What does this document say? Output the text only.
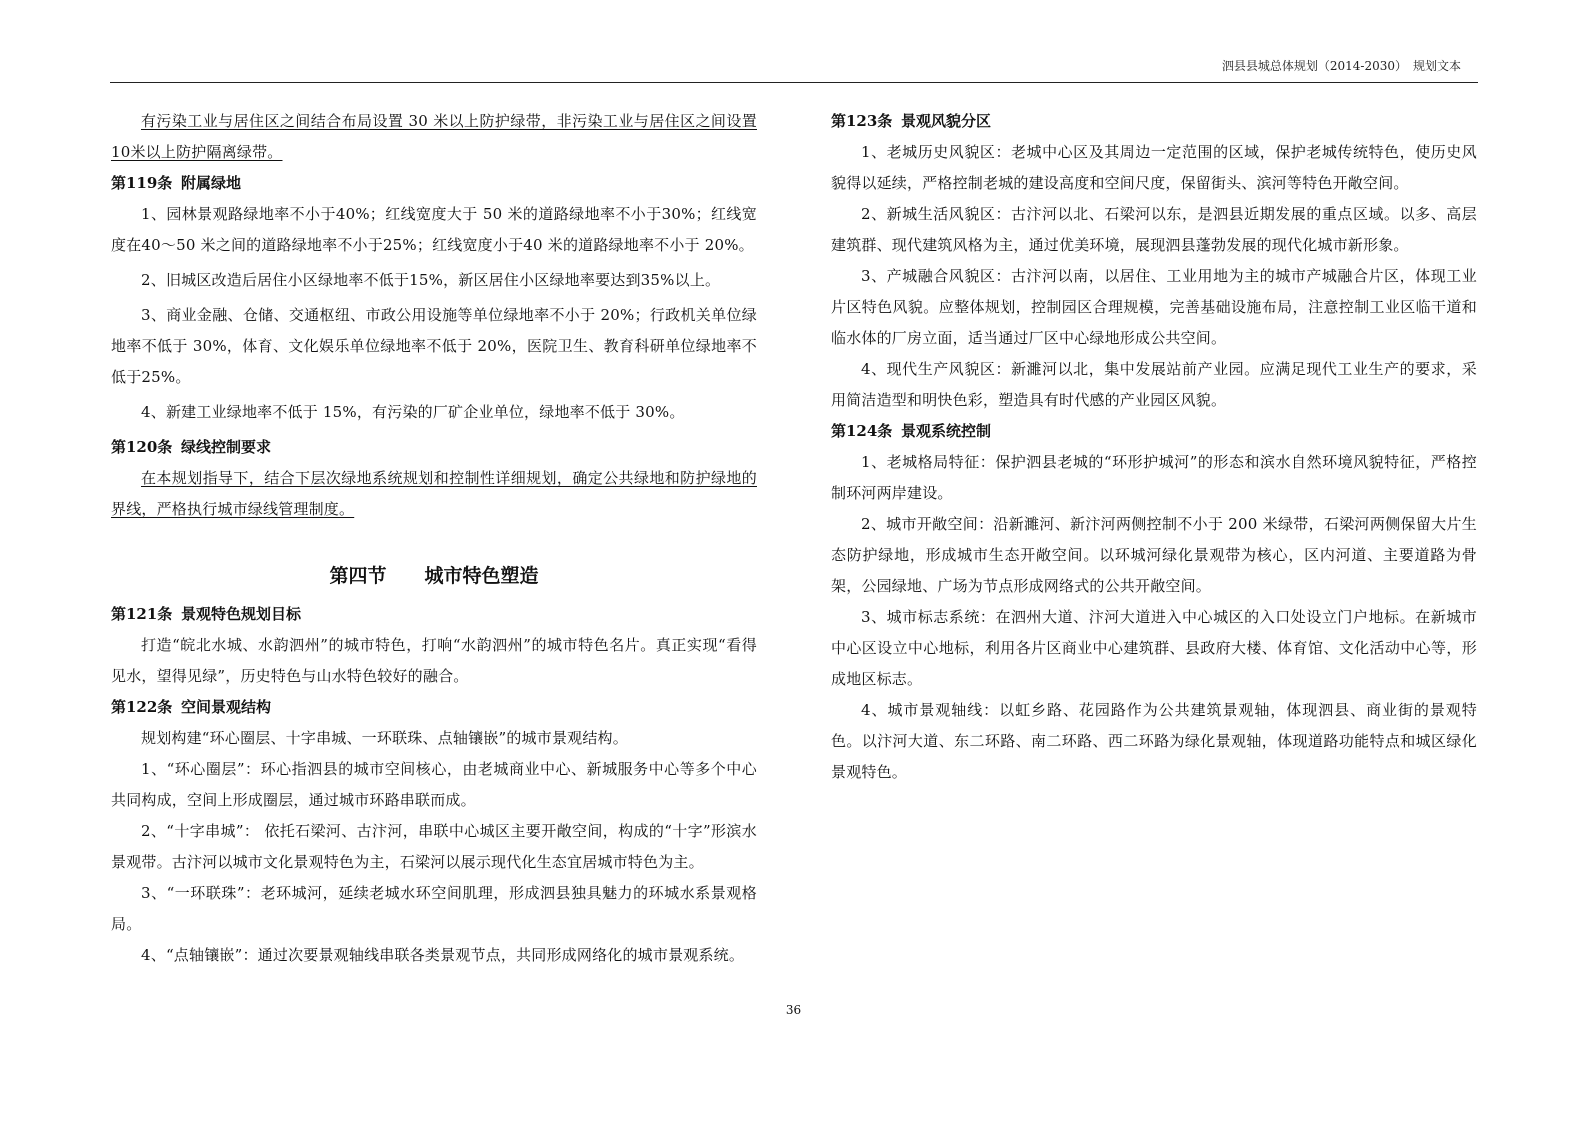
泗县县城总体规划（2014-2030）　规划文本

有污染工业与居住区之间结合布局设置 30 米以上防护绿带，非污染工业与居住区之间设置10米以上防护隔离绿带。

第119条 附属绿地

1、园林景观路绿地率不小于40%；红线宽度大于 50 米的道路绿地率不小于30%；红线宽度在40～50 米之间的道路绿地率不小于25%；红线宽度小于40 米的道路绿地率不小于 20%。

2、旧城区改造后居住小区绿地率不低于15%，新区居住小区绿地率要达到35%以上。

3、商业金融、仓储、交通枢纽、市政公用设施等单位绿地率不小于 20%；行政机关单位绿地率不低于 30%，体育、文化娱乐单位绿地率不低于 20%，医院卫生、教育科研单位绿地率不低于25%。

4、新建工业绿地率不低于 15%，有污染的厂矿企业单位，绿地率不低于 30%。

第120条 绿线控制要求

在本规划指导下，结合下层次绿地系统规划和控制性详细规划，确定公共绿地和防护绿地的界线，严格执行城市绿线管理制度。

第四节 城市特色塑造
第121条 景观特色规划目标

打造“皖北水城、水韵泗州”的城市特色，打响“水韵泗州”的城市特色名片。真正实现“看得见水，望得见绿”，历史特色与山水特色较好的融合。

第122条 空间景观结构

规划构建“环心圈层、十字串城、一环联珠、点轴镶嵌”的城市景观结构。

1、“环心圈层”：环心指泗县的城市空间核心，由老城商业中心、新城服务中心等多个中心共同构成，空间上形成圈层，通过城市环路串联而成。

2、“十字串城”： 依托石梁河、古汴河，串联中心城区主要开敞空间，构成的“十字”形滨水景观带。古汴河以城市文化景观特色为主，石梁河以展示现代化生态宜居城市特色为主。

3、“一环联珠”：老环城河，延续老城水环空间肌理，形成泗县独具魅力的环城水系景观格局。

4、“点轴镶嵌”：通过次要景观轴线串联各类景观节点，共同形成网络化的城市景观系统。

第123条 景观风貌分区

1、老城历史风貌区：老城中心区及其周边一定范围的区域，保护老城传统特色，使历史风貌得以延续，严格控制老城的建设高度和空间尺度，保留街头、滨河等特色开敞空间。

2、新城生活风貌区：古汴河以北、石梁河以东，是泗县近期发展的重点区域。以多、高层建筑群、现代建筑风格为主，通过优美环境，展现泗县蓬勃发展的现代化城市新形象。

3、产城融合风貌区：古汴河以南，以居住、工业用地为主的城市产城融合片区，体现工业片区特色风貌。应整体规划，控制园区合理规模，完善基础设施布局，注意控制工业区临干道和临水体的厂房立面，适当通过厂区中心绿地形成公共空间。

4、现代生产风貌区：新濉河以北，集中发展站前产业园。应满足现代工业生产的要求，采用简洁造型和明快色彩，塑造具有时代感的产业园区风貌。

第124条 景观系统控制

1、老城格局特征：保护泗县老城的“环形护城河”的形态和滨水自然环境风貌特征，严格控制环河两岸建设。

2、城市开敞空间：沿新濉河、新汴河两侧控制不小于 200 米绿带，石梁河两侧保留大片生态防护绿地，形成城市生态开敞空间。以环城河绿化景观带为核心，区内河道、主要道路为骨架，公园绿地、广场为节点形成网络式的公共开敞空间。

3、城市标志系统：在泗州大道、汴河大道进入中心城区的入口处设立门户地标。在新城市中心区设立中心地标，利用各片区商业中心建筑群、县政府大楼、体育馆、文化活动中心等，形成地区标志。

4、城市景观轴线：以虹乡路、花园路作为公共建筑景观轴，体现泗县、商业街的景观特色。以汴河大道、东二环路、南二环路、西二环路为绿化景观轴，体现道路功能特点和城区绿化景观特色。

36
